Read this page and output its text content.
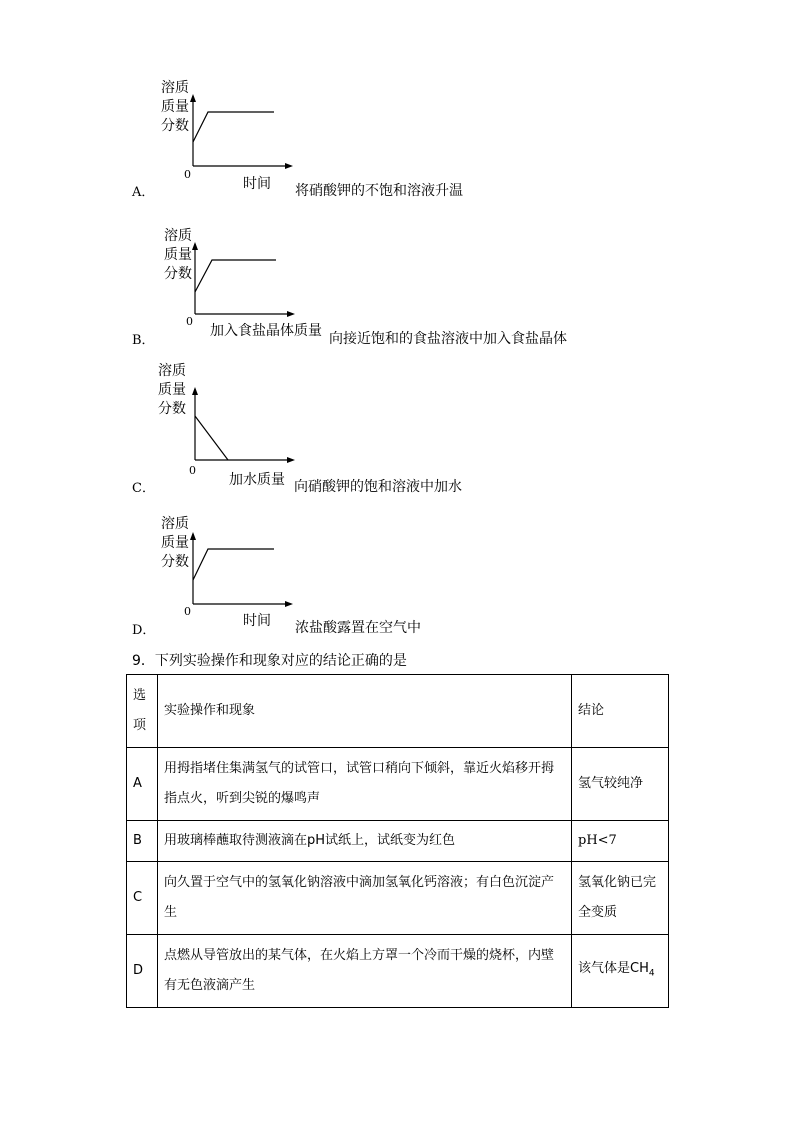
溶质
质量
分数
0
时间
A．	将硝酸钾的不饱和溶液升温
溶质
质量
分数
0
加入食盐晶体质量
B．	向接近饱和的食盐溶液中加入食盐晶体
溶质
质量
分数
0
加水质量
C．	向硝酸钾的饱和溶液中加水
溶质
质量
分数
0
时间
D．	浓盐酸露置在空气中
9．下列实验操作和现象对应的结论正确的是
选项	实验操作和现象	结论
A	用拇指堵住集满氢气的试管口，试管口稍向下倾斜，靠近火焰移开拇指点火，听到尖锐的爆鸣声	氢气较纯净
B	用玻璃棒蘸取待测液滴在pH试纸上，试纸变为红色	pH<7
C	向久置于空气中的氢氧化钠溶液中滴加氢氧化钙溶液；有白色沉淀产生	氢氧化钠已完全变质
D	点燃从导管放出的某气体，在火焰上方罩一个冷而干燥的烧杯，内壁有无色液滴产生	该气体是$CH_4$
